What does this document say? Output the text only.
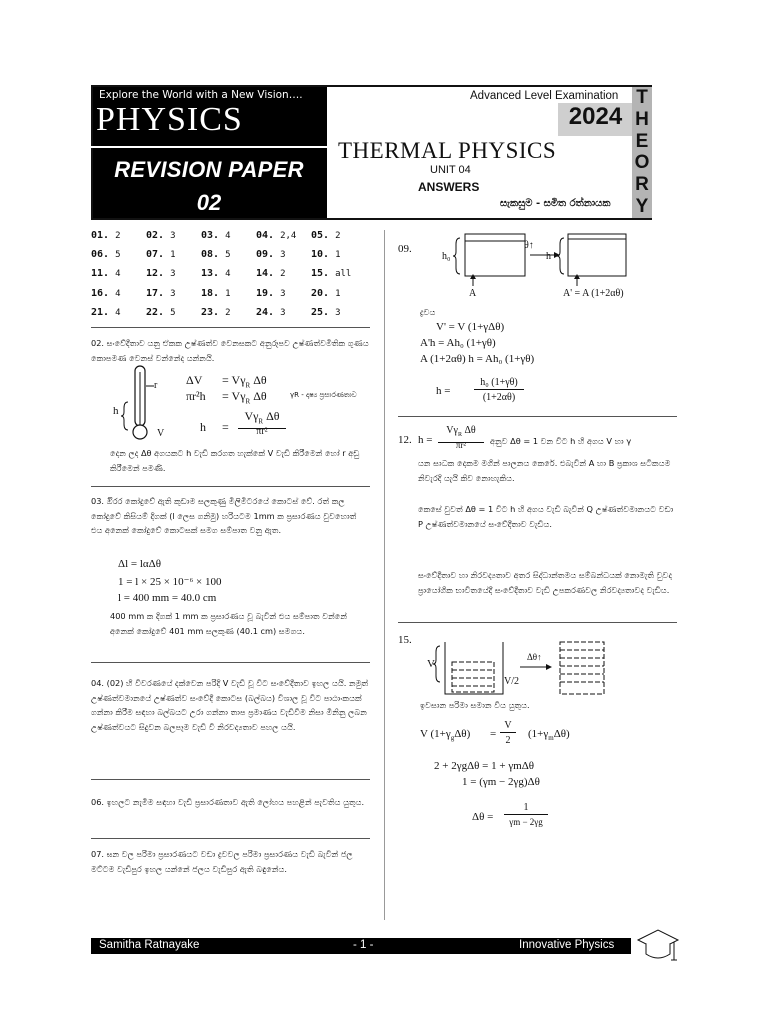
Explore the World with a New Vision….
PHYSICS
REVISION PAPER
02
Advanced Level Examination
2024
T
H
E
O
R
Y
THERMAL PHYSICS
UNIT 04
ANSWERS
සැකසුම - සමිත රත්නායක
01. 2	02. 3	03. 4	04. 2,4	05. 2
06. 5	07. 1	08. 5	09. 3	10. 1
11. 4	12. 3	13. 4	14. 2	15. all
16. 4	17. 3	18. 1	19. 3	20. 1
21. 4	22. 5	23. 2	24. 3	25. 3
02. සංවේදීතාව යනු ඒකක උෂ්ණත්ව වෙනසකට අනුරූපව උෂ්ණත්වමිතික ගුණය කොපමණ වෙනස් වන්නේද යන්නයි.
r
h
V
$\Delta V = V\gamma_R$ Δθ
$\pi r^2h = V\gamma_R$ Δθ	γR - දෘෂ්‍ය ප්‍රසාරණතාව
h =
$V\gamma_R$ Δθ
πr²
දෙන ලද Δθ අගයකට h වැඩි කරගත හැක්කේ V වැඩි කිරීමෙන් හෝ r අඩු කිරීමෙන් පමණි.
03. ඔිරර කෝදුවේ ඇති කුඩාම සලකුණු මිලිමීටරයේ කොටස් වේ. රත් කල කෝදුවේ කිසියම් දිගක් (l ලෙස ගනිමු) හරියටම 1mm ක ප්‍රසාරණය වුවහොත් එය අනෙක් කෝදුවේ කොටසක් සමග සම්පාත වනු ඇත.
Δl = lαΔθ
1 = l × 25 × 10⁻⁶ × 100
l = 400 mm = 40.0 cm
400 mm ක දිගක් 1 mm ක ප්‍රසාරණය වූ බැවින් එය සම්පාත වන්නේ අනෙක් කෝදුවේ 401 mm සලකුණ (40.1 cm) සමගය.
04. (02) හි විවරණයේ දක්වෙන පරිදි V වැඩි වූ විට සංවේදීතාව ඉහල යයි. නමුත් උෂ්ණත්වමානයේ උෂ්ණත්ව සංවේදී කොටස (බල්බය) විශාල වූ විට පාඨාංකයක් ගන්නා කිරීම සඳහා බල්බයට උරා ගන්නා තාප ප්‍රමාණය වැඩිවීම නිසා මිනිනු ලබන උෂ්ණත්වයට සිදුවන බලපෑම වැඩි වී නිරවද්‍යතාව පහල යයි.
06. ඉහලට නැමීම සඳහා වැඩි ප්‍රසාරණතාව ඇති ලෝහය පහළින් පැවතිය යුතුය.
07. ඝන වල පරිමා ප්‍රසාරණයට වඩා ද්‍රවවල පරිමා ප්‍රසාරණය වැඩි බැවින් ජල මට්ටම වැඩිපුර ඉහල යන්නේ ජලය වැඩිපුර ඇති බඳුනේය.
09.
h₀
θ↑
h
A	A' = A (1+2αθ)
ද්‍රවය
V' = V (1+γΔθ)
A'h = Ah₀ (1+γθ)
A (1+2αθ) h = Ah₀ (1+γθ)
h =
h₀ (1+γθ)
(1+2αθ)
12. h =
$V\gamma_R$ Δθ
πr²	අනුව Δθ = 1 වන විට h හි අගය V හා γ
යන සාධක දෙකම මගින් පාලනය කෙරේ. එබැවින් A හා B ප්‍රකාශ සටිකයම නිවැරදි යැයි කිව නොහැකිය.
කෙසේ වුවත් Δθ = 1 විට h හි අගය වැඩි බැවින් Q උෂ්ණත්වමානයට වඩා P උෂ්ණත්වමානයේ සංවේදීතාව වැඩිය.
සංවේදීතාව හා නිරවද්‍යතාව අතර සිද්ධාන්තමය සම්බන්ධයක් නොමැති වුවද ප්‍රායෝගික භාවිතයේදී සංවේදීතාව වැඩි උපකරණවල නිරවද්‍යතාවද වැඩිය.
15.
V
V/2
Δθ↑
ඉවසාන පරිමා සමාන විය යුතුය.
V $(1+\gamma_g\Delta\theta)$ =
V
2
$(1+\gamma_m\Delta\theta)$
2 + 2γgΔθ = 1 + γmΔθ
1 = (γm − 2γg)Δθ
Δθ =
1
γm − 2γg
Samitha Ratnayake	- 1 -	Innovative Physics
